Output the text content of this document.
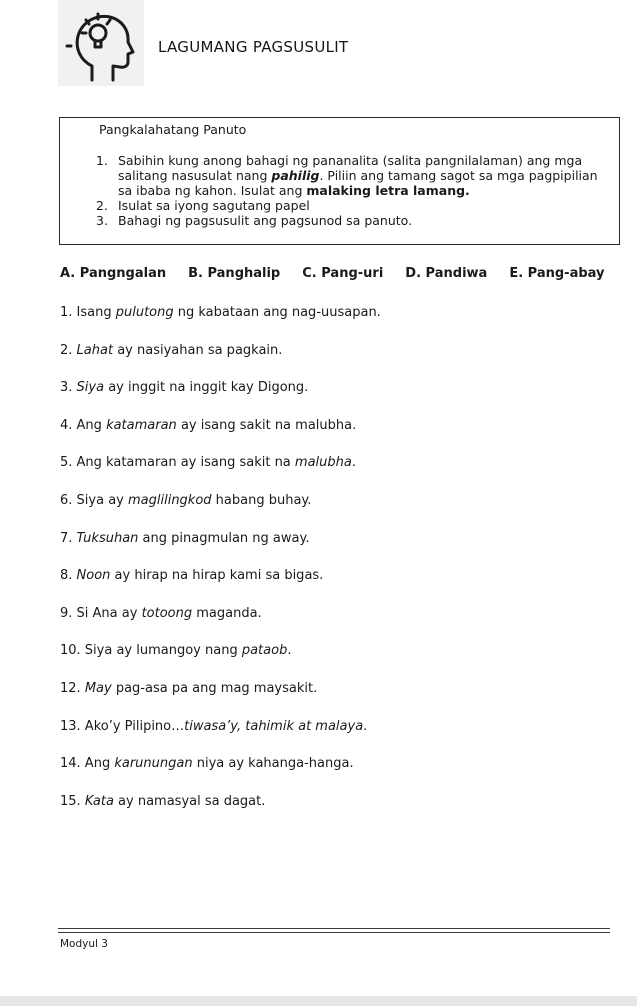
LAGUMANG PAGSUSULIT
Pangkalahatang Panuto
1. Sabihin kung anong bahagi ng pananalita (salita pangnilalaman) ang mga salitang nasusulat nang pahilig. Piliin ang tamang sagot sa mga pagpipilian sa ibaba ng kahon. Isulat ang malaking letra lamang.
2. Isulat sa iyong sagutang papel
3. Bahagi ng pagsusulit ang pagsunod sa panuto.
A. Pangngalan B. Panghalip C. Pang-uri D. Pandiwa E. Pang-abay
1. Isang pulutong ng kabataan ang nag-uusapan.
2. Lahat ay nasiyahan sa pagkain.
3. Siya ay inggit na inggit kay Digong.
4. Ang katamaran ay isang sakit na malubha.
5. Ang katamaran ay isang sakit na malubha.
6. Siya ay maglilingkod habang buhay.
7. Tuksuhan ang pinagmulan ng away.
8. Noon ay hirap na hirap kami sa bigas.
9. Si Ana ay totoong maganda.
10. Siya ay lumangoy nang pataob.
12. May pag-asa pa ang mag maysakit.
13. Ako’y Pilipino…tiwasa’y, tahimik at malaya.
14. Ang karunungan niya ay kahanga-hanga.
15. Kata ay namasyal sa dagat.
Modyul 3
